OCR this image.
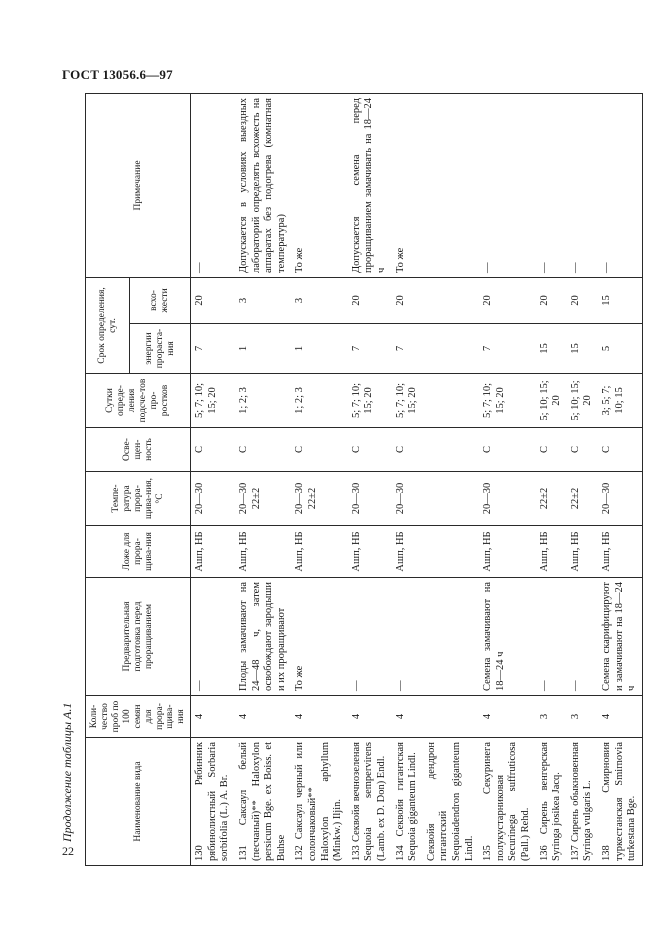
ГОСТ 13056.6—97
22
Продолжение таблицы А.1	Наименование вида	Коли-чество проб по 100 семян для прора-щива-ния	Предварительная подготовка перед проращиванием	Ложе для прора-щива-ния	Темпе-ратура прора-щива-ния, °С	Осве-щен-ность	Сутки опреде-ления подсче-тов про-ростков	Срок определения, сут.		Примечание
							энергии прораста-ния	всхо-жести	
130 Рябинник рябинолистный Sorbaria sorbifolia (L.) A. Br.	4	—	Ашп, НБ	20—30	С	5; 7; 10; 15; 20	7	20	—
131 Саксаул белый (песчаный)** Haloxylon persicum Bge. ex Boiss. et Buhse	4	Плоды замачивают на 24—48 ч, затем освобождают зародыши и их проращивают	Ашп, НБ	20—30 22±2	С	1; 2; 3	1	3	Допускается в условиях выездных лабораторий определять всхожесть на аппаратах без подогрева (комнатная температура)
132 Саксаул черный или солончаковый** Haloxylon aphyllum (Minkw.) Iljin.	4	То же	Ашп, НБ	20—30 22±2	С	1; 2; 3	1	3	То же
133 Секвойя вечнозеленая Sequoia sempervirens (Lamb. ex D. Don) Endl.	4	—	Ашп, НБ	20—30	С	5; 7; 10; 15; 20	7	20	Допускается семена перед проращиванием замачивать на 18—24 ч
134 Секвойя гигантская Sequoia giganteum Lindl.	4	—	Ашп, НБ	20—30	С	5; 7; 10; 15; 20	7	20	То же
Секвойя дендрон гигантский Sequoiadendron giganteum Lindl.									
135 Секуринега полукустарниковая Securinega suffruticosa (Pall.) Rehd.	4	Семена замачивают на 18—24 ч	Ашп, НБ	20—30	С	5; 7; 10; 15; 20	7	20	—
136 Сирень венгерская Syringa josikea Jacq.	3	—	Ашп, НБ	22±2	С	5; 10; 15; 20	15	20	—
137 Сирень обыкновенная Syringa vulgaris L.	3	—	Ашп, НБ	22±2	С	5; 10; 15; 20	15	20	—
138 Смирновия туркестанская Smirnovia turkestana Bge.	4	Семена скарифицируют и замачивают на 18—24 ч	Ашп, НБ	20—30	С	3; 5; 7; 10; 15	5	15	—
